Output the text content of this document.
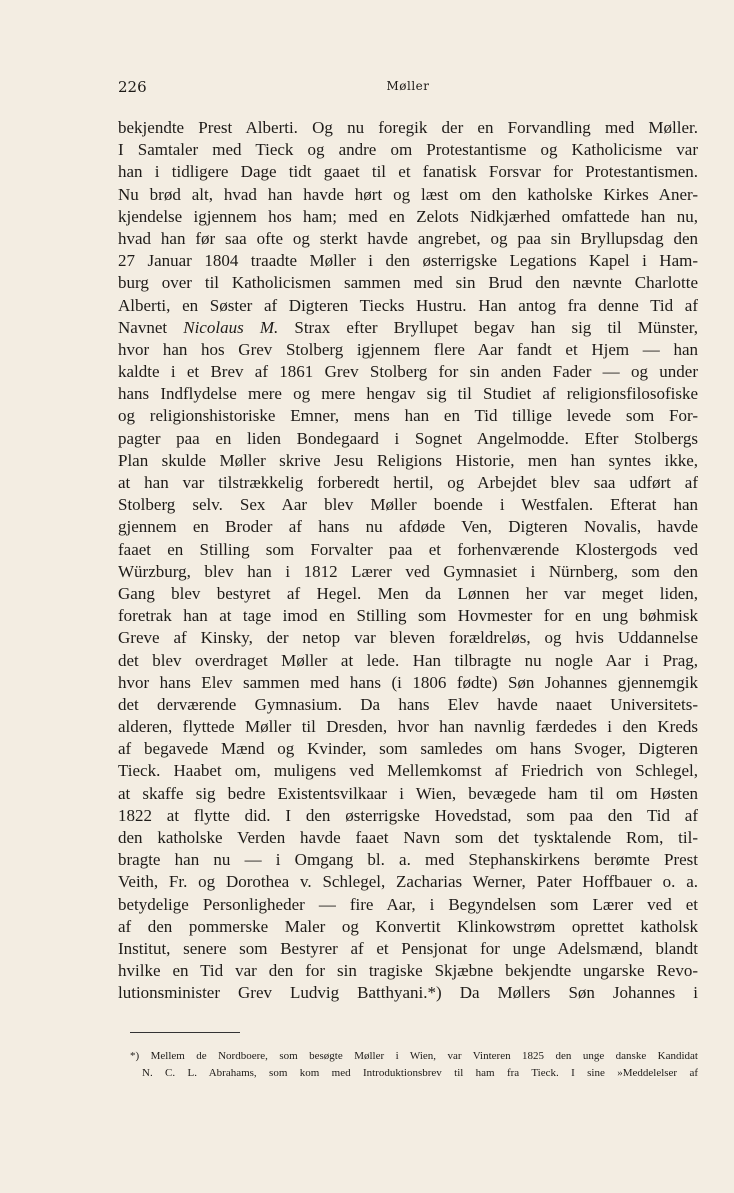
226	Møller
bekjendte Prest Alberti. Og nu foregik der en Forvandling med Møller.
I Samtaler med Tieck og andre om Protestantisme og Katholicisme var
han i tidligere Dage tidt gaaet til et fanatisk Forsvar for Protestantismen.
Nu brød alt, hvad han havde hørt og læst om den katholske Kirkes Aner-
kjendelse igjennem hos ham; med en Zelots Nidkjærhed omfattede han nu,
hvad han før saa ofte og sterkt havde angrebet, og paa sin Bryllupsdag den
27 Januar 1804 traadte Møller i den østerrigske Legations Kapel i Ham-
burg over til Katholicismen sammen med sin Brud den nævnte Charlotte
Alberti, en Søster af Digteren Tiecks Hustru. Han antog fra denne Tid af
Navnet Nicolaus M. Strax efter Bryllupet begav han sig til Münster,
hvor han hos Grev Stolberg igjennem flere Aar fandt et Hjem — han
kaldte i et Brev af 1861 Grev Stolberg for sin anden Fader — og under
hans Indflydelse mere og mere hengav sig til Studiet af religionsfilosofiske
og religionshistoriske Emner, mens han en Tid tillige levede som For-
pagter paa en liden Bondegaard i Sognet Angelmodde. Efter Stolbergs
Plan skulde Møller skrive Jesu Religions Historie, men han syntes ikke,
at han var tilstrækkelig forberedt hertil, og Arbejdet blev saa udført af
Stolberg selv. Sex Aar blev Møller boende i Westfalen. Efterat han
gjennem en Broder af hans nu afdøde Ven, Digteren Novalis, havde
faaet en Stilling som Forvalter paa et forhenværende Klostergods ved
Würzburg, blev han i 1812 Lærer ved Gymnasiet i Nürnberg, som den
Gang blev bestyret af Hegel. Men da Lønnen her var meget liden,
foretrak han at tage imod en Stilling som Hovmester for en ung bøhmisk
Greve af Kinsky, der netop var bleven forældreløs, og hvis Uddannelse
det blev overdraget Møller at lede. Han tilbragte nu nogle Aar i Prag,
hvor hans Elev sammen med hans (i 1806 fødte) Søn Johannes gjennemgik
det derværende Gymnasium. Da hans Elev havde naaet Universitets-
alderen, flyttede Møller til Dresden, hvor han navnlig færdedes i den Kreds
af begavede Mænd og Kvinder, som samledes om hans Svoger, Digteren
Tieck. Haabet om, muligens ved Mellemkomst af Friedrich von Schlegel,
at skaffe sig bedre Existentsvilkaar i Wien, bevægede ham til om Høsten
1822 at flytte did. I den østerrigske Hovedstad, som paa den Tid af
den katholske Verden havde faaet Navn som det tysktalende Rom, til-
bragte han nu — i Omgang bl. a. med Stephanskirkens berømte Prest
Veith, Fr. og Dorothea v. Schlegel, Zacharias Werner, Pater Hoffbauer o. a.
betydelige Personligheder — fire Aar, i Begyndelsen som Lærer ved et
af den pommerske Maler og Konvertit Klinkowstrøm oprettet katholsk
Institut, senere som Bestyrer af et Pensjonat for unge Adelsmænd, blandt
hvilke en Tid var den for sin tragiske Skjæbne bekjendte ungarske Revo-
lutionsminister Grev Ludvig Batthyani.*) Da Møllers Søn Johannes i
*) Mellem de Nordboere, som besøgte Møller i Wien, var Vinteren 1825 den unge danske Kandidat
N. C. L. Abrahams, som kom med Introduktionsbrev til ham fra Tieck. I sine »Meddelelser af
